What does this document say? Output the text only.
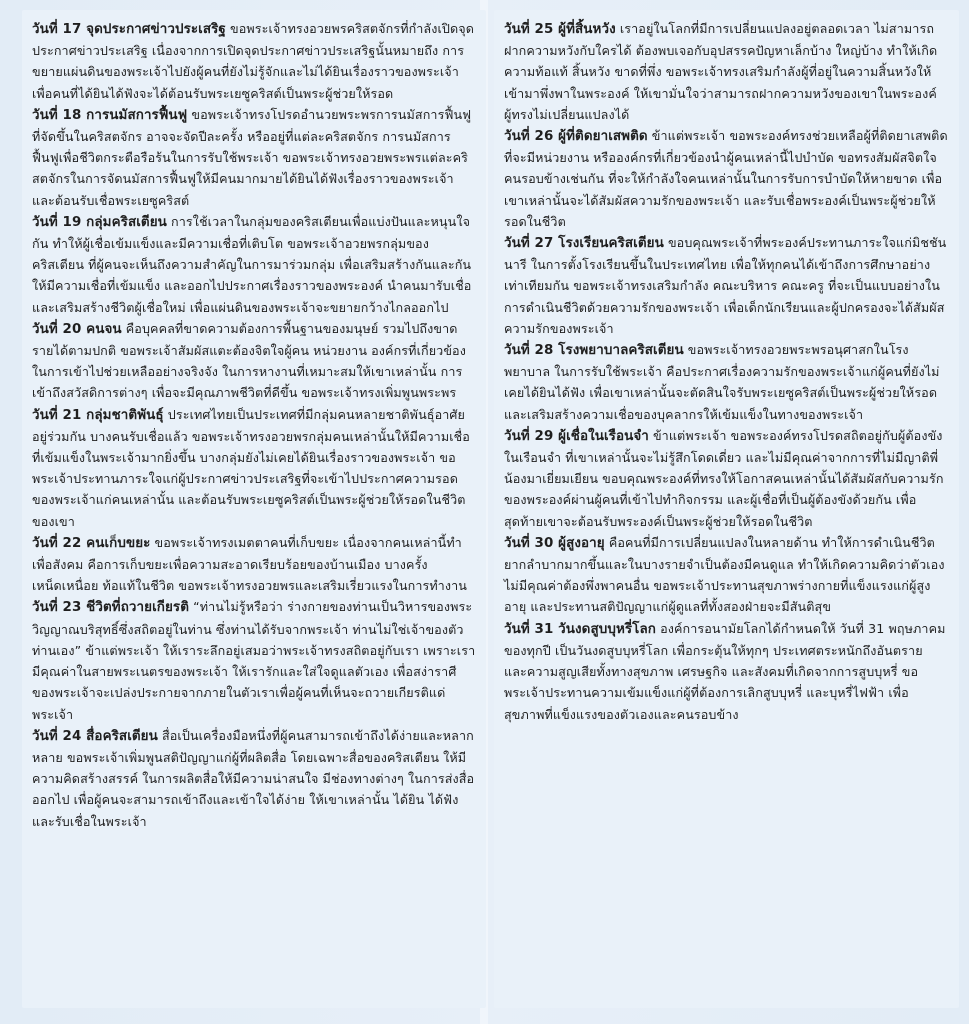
วันที่ 17 จุดประกาศข่าวประเสริฐ ขอพระเจ้าทรงอวยพรคริสตจักรที่กำลังเปิดจุดประกาศข่าวประเสริฐ เนื่องจากการเปิดจุดประกาศข่าวประเสริฐนั้นหมายถึง การขยายแผ่นดินของพระเจ้าไปยังผู้คนที่ยังไม่รู้จักและไม่ได้ยินเรื่องราวของพระเจ้า เพื่อคนที่ได้ยินได้ฟังจะได้ต้อนรับพระเยซูคริสต์เป็นพระผู้ช่วยให้รอด

วันที่ 18 การนมัสการฟื้นฟู ขอพระเจ้าทรงโปรดอำนวยพระพรการนมัสการฟื้นฟูที่จัดขึ้นในคริสตจักร อาจจะจัดปีละครั้ง หรืออยู่ที่แต่ละคริสตจักร การนมัสการฟื้นฟูเพื่อชีวิตกระตือรือร้นในการรับใช้พระเจ้า ขอพระเจ้าทรงอวยพระพรแต่ละคริสตจักรในการจัดนมัสการฟื้นฟูให้มีคนมากมายได้ยินได้ฟังเรื่องราวของพระเจ้าและต้อนรับเชื่อพระเยซูคริสต์

วันที่ 19 กลุ่มคริสเตียน การใช้เวลาในกลุ่มของคริสเตียนเพื่อแบ่งปันและหนุนใจกัน ทำให้ผู้เชื่อเข้มแข็งและมีความเชื่อที่เติบโต ขอพระเจ้าอวยพรกลุ่มของคริสเตียน ที่ผู้คนจะเห็นถึงความสำคัญในการมาร่วมกลุ่ม เพื่อเสริมสร้างกันและกัน ให้มีความเชื่อที่เข้มแข็ง และออกไปประกาศเรื่องราวของพระองค์ นำคนมารับเชื่อและเสริมสร้างชีวิตผู้เชื่อใหม่ เพื่อแผ่นดินของพระเจ้าจะขยายกว้างไกลออกไป

วันที่ 20 คนจน คือบุคคลที่ขาดความต้องการพื้นฐานของมนุษย์ รวมไปถึงขาดรายได้ตามปกติ ขอพระเจ้าสัมผัสแตะต้องจิตใจผู้คน หน่วยงาน องค์กรที่เกี่ยวข้องในการเข้าไปช่วยเหลืออย่างจริงจัง ในการหางานที่เหมาะสมให้เขาเหล่านั้น การเข้าถึงสวัสดิการต่างๆ เพื่อจะมีคุณภาพชีวิตที่ดีขึ้น ขอพระเจ้าทรงเพิ่มพูนพระพร

วันที่ 21 กลุ่มชาติพันธุ์ ประเทศไทยเป็นประเทศที่มีกลุ่มคนหลายชาติพันธุ์อาศัยอยู่ร่วมกัน บางคนรับเชื่อแล้ว ขอพระเจ้าทรงอวยพรกลุ่มคนเหล่านั้นให้มีความเชื่อที่เข้มแข็งในพระเจ้ามากยิ่งขึ้น บางกลุ่มยังไม่เคยได้ยินเรื่องราวของพระเจ้า ขอพระเจ้าประทานภาระใจแก่ผู้ประกาศข่าวประเสริฐที่จะเข้าไปประกาศความรอดของพระเจ้าแก่คนเหล่านั้น และต้อนรับพระเยซูคริสต์เป็นพระผู้ช่วยให้รอดในชีวิตของเขา

วันที่ 22 คนเก็บขยะ ขอพระเจ้าทรงเมตตาคนที่เก็บขยะ เนื่องจากคนเหล่านี้ทำเพื่อสังคม คือการเก็บขยะเพื่อความสะอาดเรียบร้อยของบ้านเมือง บางครั้งเหน็ดเหนื่อย ท้อแท้ในชีวิต ขอพระเจ้าทรงอวยพรและเสริมเรี่ยวแรงในการทำงาน

วันที่ 23 ชีวิตที่ถวายเกียรติ “ท่านไม่รู้หรือว่า ร่างกายของท่านเป็นวิหารของพระวิญญาณบริสุทธิ์ซึ่งสถิตอยู่ในท่าน ซึ่งท่านได้รับจากพระเจ้า ท่านไม่ใช่เจ้าของตัวท่านเอง” ข้าแต่พระเจ้า ให้เราระลึกอยู่เสมอว่าพระเจ้าทรงสถิตอยู่กับเรา เพราะเรามีคุณค่าในสายพระเนตรของพระเจ้า ให้เรารักและใส่ใจดูแลตัวเอง เพื่อสง่าราศีของพระเจ้าจะเปล่งประกายจากภายในตัวเราเพื่อผู้คนที่เห็นจะถวายเกียรติแด่พระเจ้า

วันที่ 24 สื่อคริสเตียน สื่อเป็นเครื่องมือหนึ่งที่ผู้คนสามารถเข้าถึงได้ง่ายและหลากหลาย ขอพระเจ้าเพิ่มพูนสติปัญญาแก่ผู้ที่ผลิตสื่อ โดยเฉพาะสื่อของคริสเตียน ให้มีความคิดสร้างสรรค์ ในการผลิตสื่อให้มีความน่าสนใจ มีช่องทางต่างๆ ในการส่งสื่อออกไป เพื่อผู้คนจะสามารถเข้าถึงและเข้าใจได้ง่าย ให้เขาเหล่านั้น ได้ยิน ได้ฟัง และรับเชื่อในพระเจ้า

วันที่ 25 ผู้ที่สิ้นหวัง เราอยู่ในโลกที่มีการเปลี่ยนแปลงอยู่ตลอดเวลา ไม่สามารถฝากความหวังกับใครได้ ต้องพบเจอกับอุปสรรคปัญหาเล็กบ้าง ใหญ่บ้าง ทำให้เกิดความท้อแท้ สิ้นหวัง ขาดที่พึ่ง ขอพระเจ้าทรงเสริมกำลังผู้ที่อยู่ในความสิ้นหวังให้เข้ามาพึ่งพาในพระองค์ ให้เขามั่นใจว่าสามารถฝากความหวังของเขาในพระองค์ผู้ทรงไม่เปลี่ยนแปลงได้

วันที่ 26 ผู้ที่ติดยาเสพติด ข้าแต่พระเจ้า ขอพระองค์ทรงช่วยเหลือผู้ที่ติดยาเสพติด ที่จะมีหน่วยงาน หรือองค์กรที่เกี่ยวข้องนำผู้คนเหล่านี้ไปบำบัด ขอทรงสัมผัสจิตใจคนรอบข้างเช่นกัน ที่จะให้กำลังใจคนเหล่านั้นในการรับการบำบัดให้หายขาด เพื่อเขาเหล่านั้นจะได้สัมผัสความรักของพระเจ้า และรับเชื่อพระองค์เป็นพระผู้ช่วยให้รอดในชีวิต

วันที่ 27 โรงเรียนคริสเตียน ขอบคุณพระเจ้าที่พระองค์ประทานภาระใจแก่มิชชันนารี ในการตั้งโรงเรียนขึ้นในประเทศไทย เพื่อให้ทุกคนได้เข้าถึงการศึกษาอย่างเท่าเทียมกัน ขอพระเจ้าทรงเสริมกำลัง คณะบริหาร คณะครู ที่จะเป็นแบบอย่างในการดำเนินชีวิตด้วยความรักของพระเจ้า เพื่อเด็กนักเรียนและผู้ปกครองจะได้สัมผัสความรักของพระเจ้า

วันที่ 28 โรงพยาบาลคริสเตียน ขอพระเจ้าทรงอวยพระพรอนุศาสกในโรงพยาบาล ในการรับใช้พระเจ้า คือประกาศเรื่องความรักของพระเจ้าแก่ผู้คนที่ยังไม่เคยได้ยินได้ฟัง เพื่อเขาเหล่านั้นจะตัดสินใจรับพระเยซูคริสต์เป็นพระผู้ช่วยให้รอด และเสริมสร้างความเชื่อของบุคลากรให้เข้มแข็งในทางของพระเจ้า

วันที่ 29 ผู้เชื่อในเรือนจำ ข้าแต่พระเจ้า ขอพระองค์ทรงโปรดสถิตอยู่กับผู้ต้องขังในเรือนจำ ที่เขาเหล่านั้นจะไม่รู้สึกโดดเดี่ยว และไม่มีคุณค่าจากการที่ไม่มีญาติพี่น้องมาเยี่ยมเยียน ขอบคุณพระองค์ที่ทรงให้โอกาสคนเหล่านั้นได้สัมผัสกับความรักของพระองค์ผ่านผู้คนที่เข้าไปทำกิจกรรม และผู้เชื่อที่เป็นผู้ต้องขังด้วยกัน เพื่อสุดท้ายเขาจะต้อนรับพระองค์เป็นพระผู้ช่วยให้รอดในชีวิต

วันที่ 30 ผู้สูงอายุ คือคนที่มีการเปลี่ยนแปลงในหลายด้าน ทำให้การดำเนินชีวิตยากลำบากมากขึ้นและในบางรายจำเป็นต้องมีคนดูแล ทำให้เกิดความคิดว่าตัวเองไม่มีคุณค่าต้องพึ่งพาคนอื่น ขอพระเจ้าประทานสุขภาพร่างกายที่แข็งแรงแก่ผู้สูงอายุ และประทานสติปัญญาแก่ผู้ดูแลที่ทั้งสองฝ่ายจะมีสันติสุข

วันที่ 31 วันงดสูบบุหรี่โลก องค์การอนามัยโลกได้กำหนดให้ วันที่ 31 พฤษภาคมของทุกปี เป็นวันงดสูบบุหรี่โลก เพื่อกระตุ้นให้ทุกๆ ประเทศตระหนักถึงอันตราย และความสูญเสียทั้งทางสุขภาพ เศรษฐกิจ และสังคมที่เกิดจากการสูบบุหรี่ ขอพระเจ้าประทานความเข้มแข็งแก่ผู้ที่ต้องการเลิกสูบบุหรี่ และบุหรี่ไฟฟ้า เพื่อสุขภาพที่แข็งแรงของตัวเองและคนรอบข้าง
